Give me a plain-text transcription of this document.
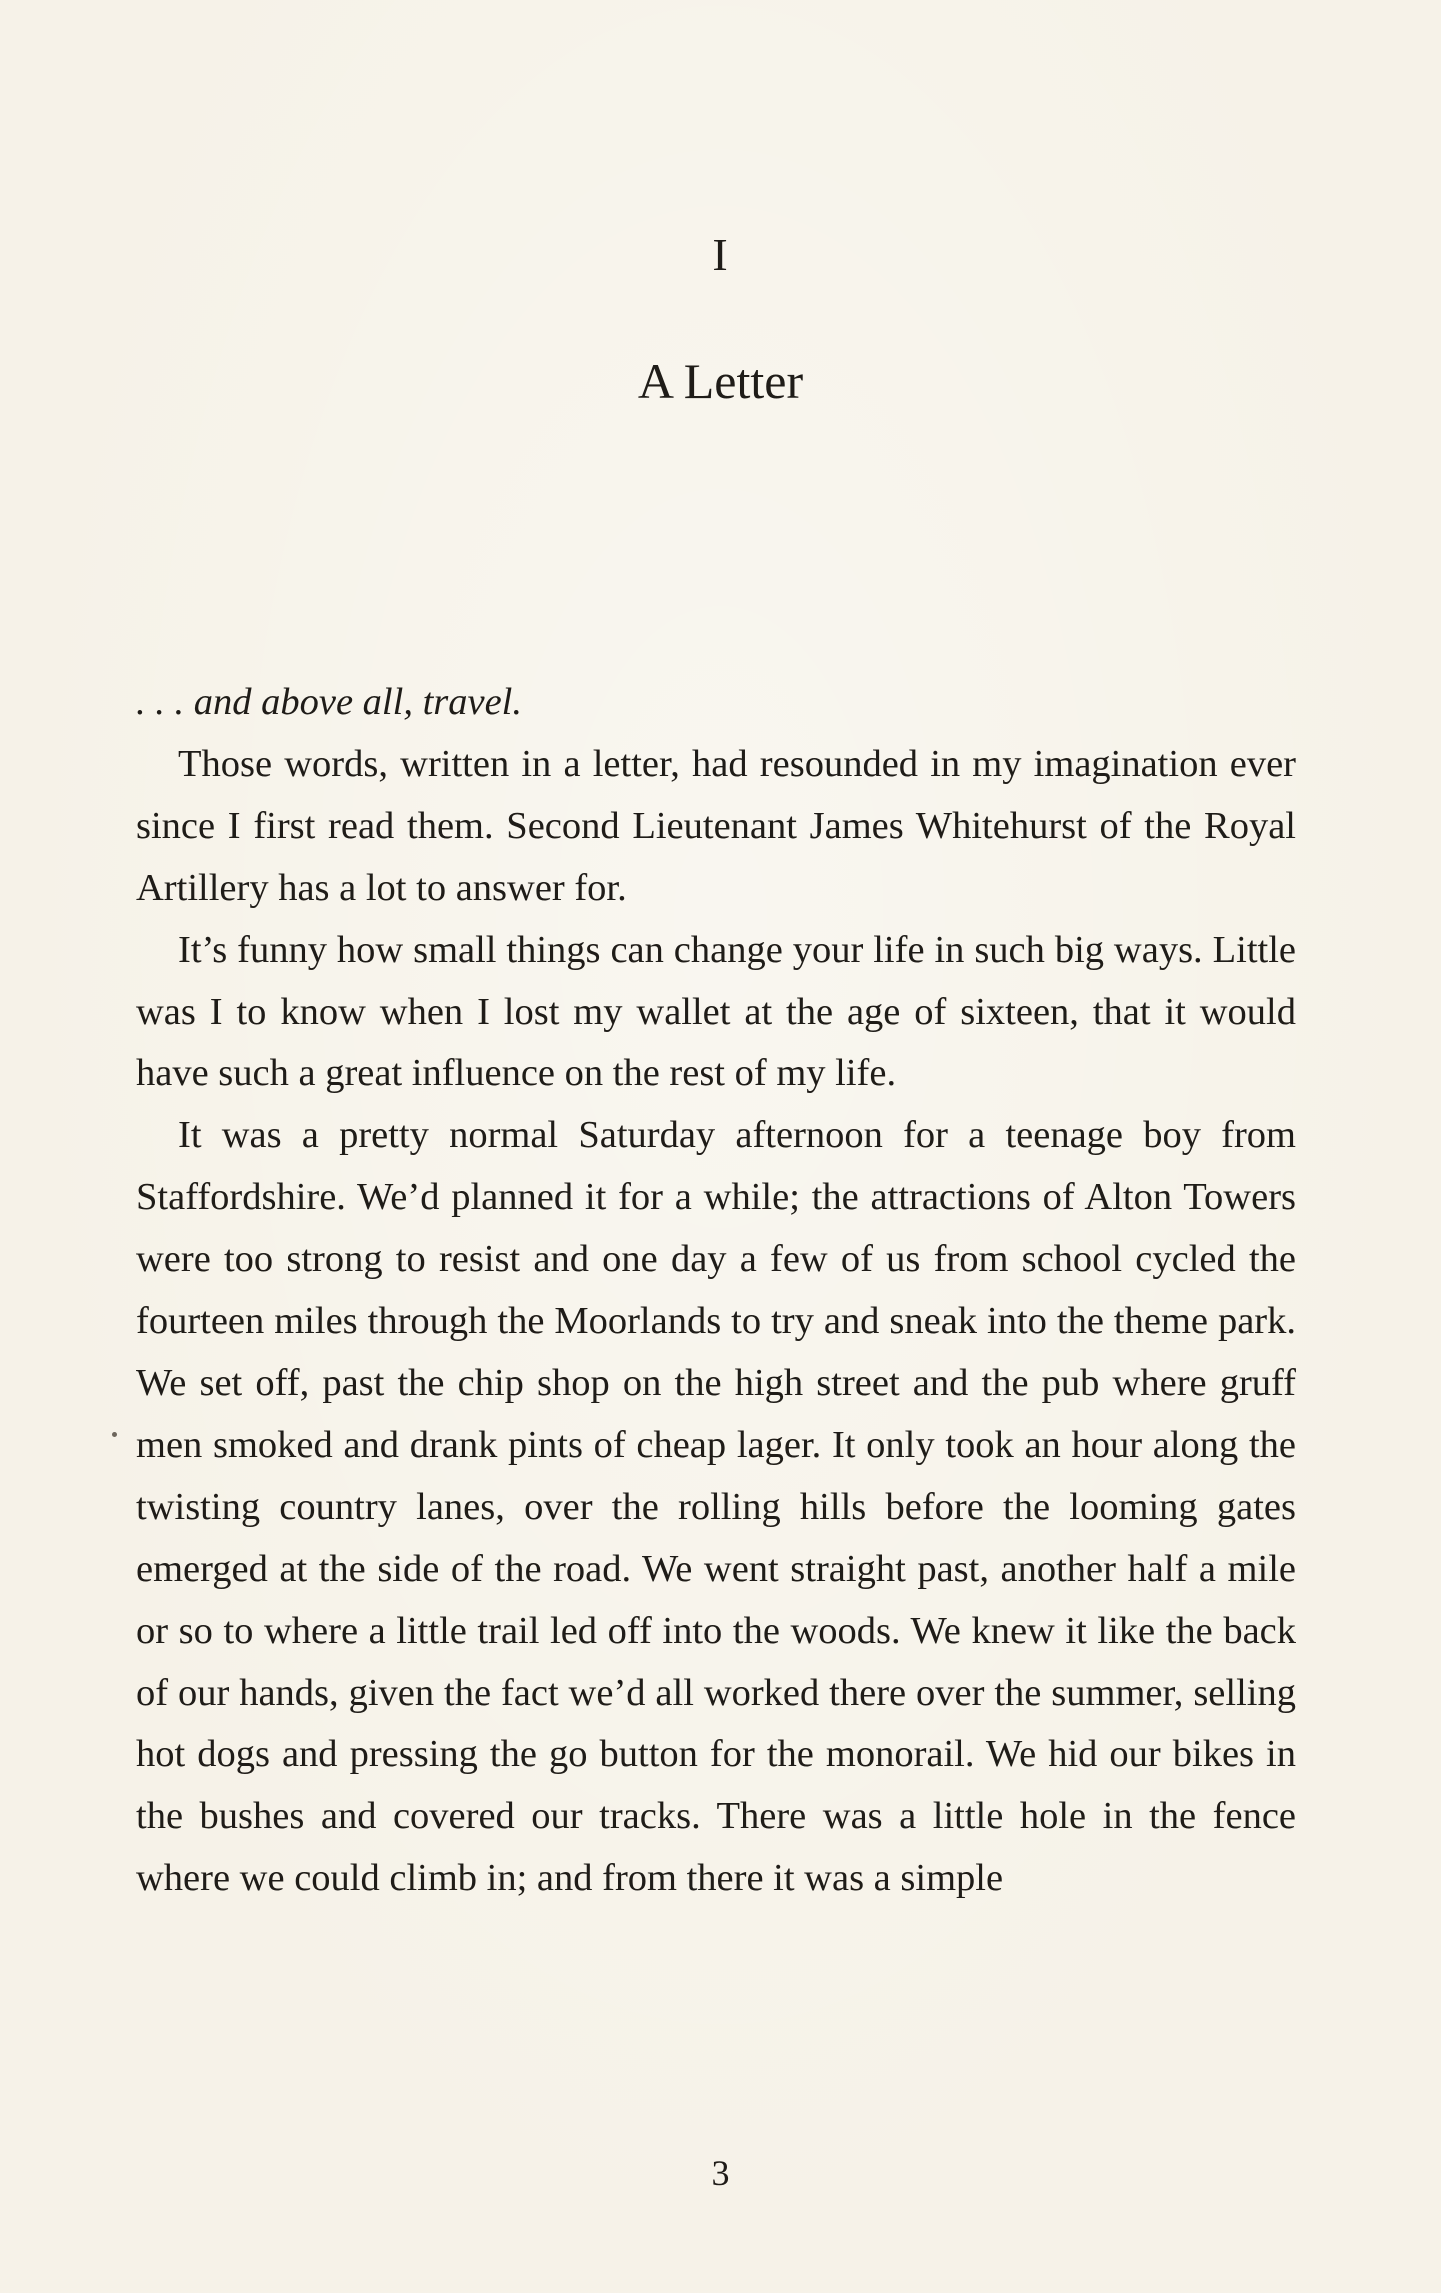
I
A Letter

. . . and above all, travel.

Those words, written in a letter, had resounded in my imagination ever since I first read them. Second Lieutenant James Whitehurst of the Royal Artillery has a lot to answer for.

It’s funny how small things can change your life in such big ways. Little was I to know when I lost my wallet at the age of sixteen, that it would have such a great influence on the rest of my life.

It was a pretty normal Saturday afternoon for a teenage boy from Staffordshire. We’d planned it for a while; the attractions of Alton Towers were too strong to resist and one day a few of us from school cycled the fourteen miles through the Moorlands to try and sneak into the theme park. We set off, past the chip shop on the high street and the pub where gruff men smoked and drank pints of cheap lager. It only took an hour along the twisting country lanes, over the rolling hills before the looming gates emerged at the side of the road. We went straight past, another half a mile or so to where a little trail led off into the woods. We knew it like the back of our hands, given the fact we’d all worked there over the summer, selling hot dogs and pressing the go button for the monorail. We hid our bikes in the bushes and covered our tracks. There was a little hole in the fence where we could climb in; and from there it was a simple

3
